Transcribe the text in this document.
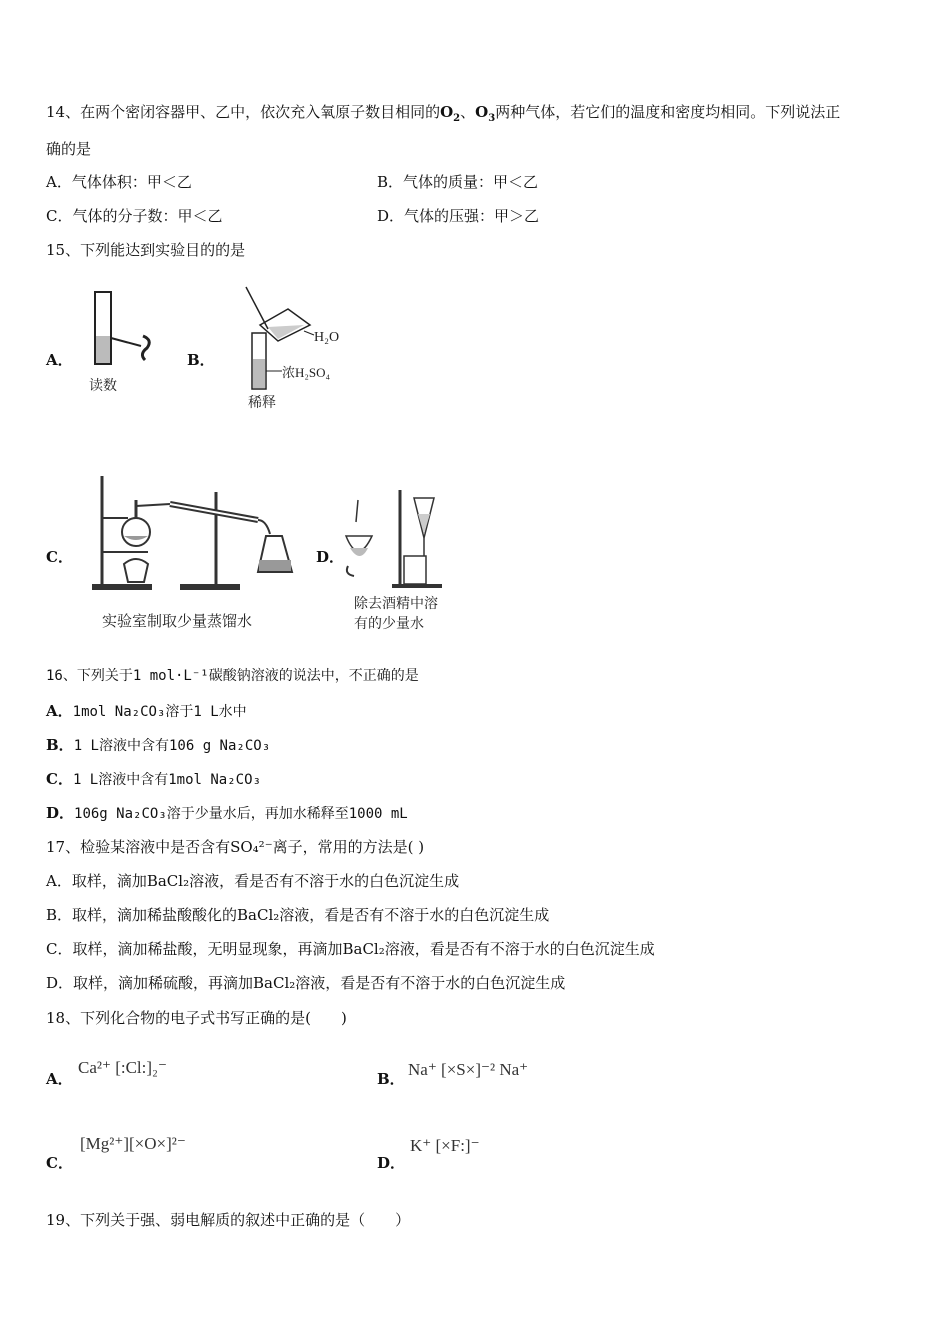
14、在两个密闭容器甲、乙中，依次充入氧原子数目相同的$O_2$、$O_3$两种气体，若它们的温度和密度均相同。下列说法正
确的是
A．气体体积：甲＜乙	B．气体的质量：甲＜乙
C．气体的分子数：甲＜乙	D．气体的压强：甲＞乙
15、下列能达到实验目的的是
A．
读数
B．
H₂O
浓H₂SO₄
稀释
C．
实验室制取少量蒸馏水
D．
除去酒精中溶
有的少量水
16、下列关于1 mol·L⁻¹碳酸钠溶液的说法中，不正确的是
A．1mol Na₂CO₃溶于1 L水中
B．1 L溶液中含有106 g Na₂CO₃
C．1 L溶液中含有1mol Na₂CO₃
D．106g Na₂CO₃溶于少量水后，再加水稀释至1000 mL
17、检验某溶液中是否含有SO₄²⁻离子，常用的方法是( )
A．取样，滴加BaCl₂溶液，看是否有不溶于水的白色沉淀生成
B．取样，滴加稀盐酸酸化的BaCl₂溶液，看是否有不溶于水的白色沉淀生成
C．取样，滴加稀盐酸，无明显现象，再滴加BaCl₂溶液，看是否有不溶于水的白色沉淀生成
D．取样，滴加稀硫酸，再滴加BaCl₂溶液，看是否有不溶于水的白色沉淀生成
18、下列化合物的电子式书写正确的是(　　)
A．
Ca²⁺ [:Cl:]₂⁻
B． Na⁺ [×S×]⁻² Na⁺
C．
[Mg²⁺][×O×]²⁻
D．
K⁺ [×F:]⁻
19、下列关于强、弱电解质的叙述中正确的是（　　）
